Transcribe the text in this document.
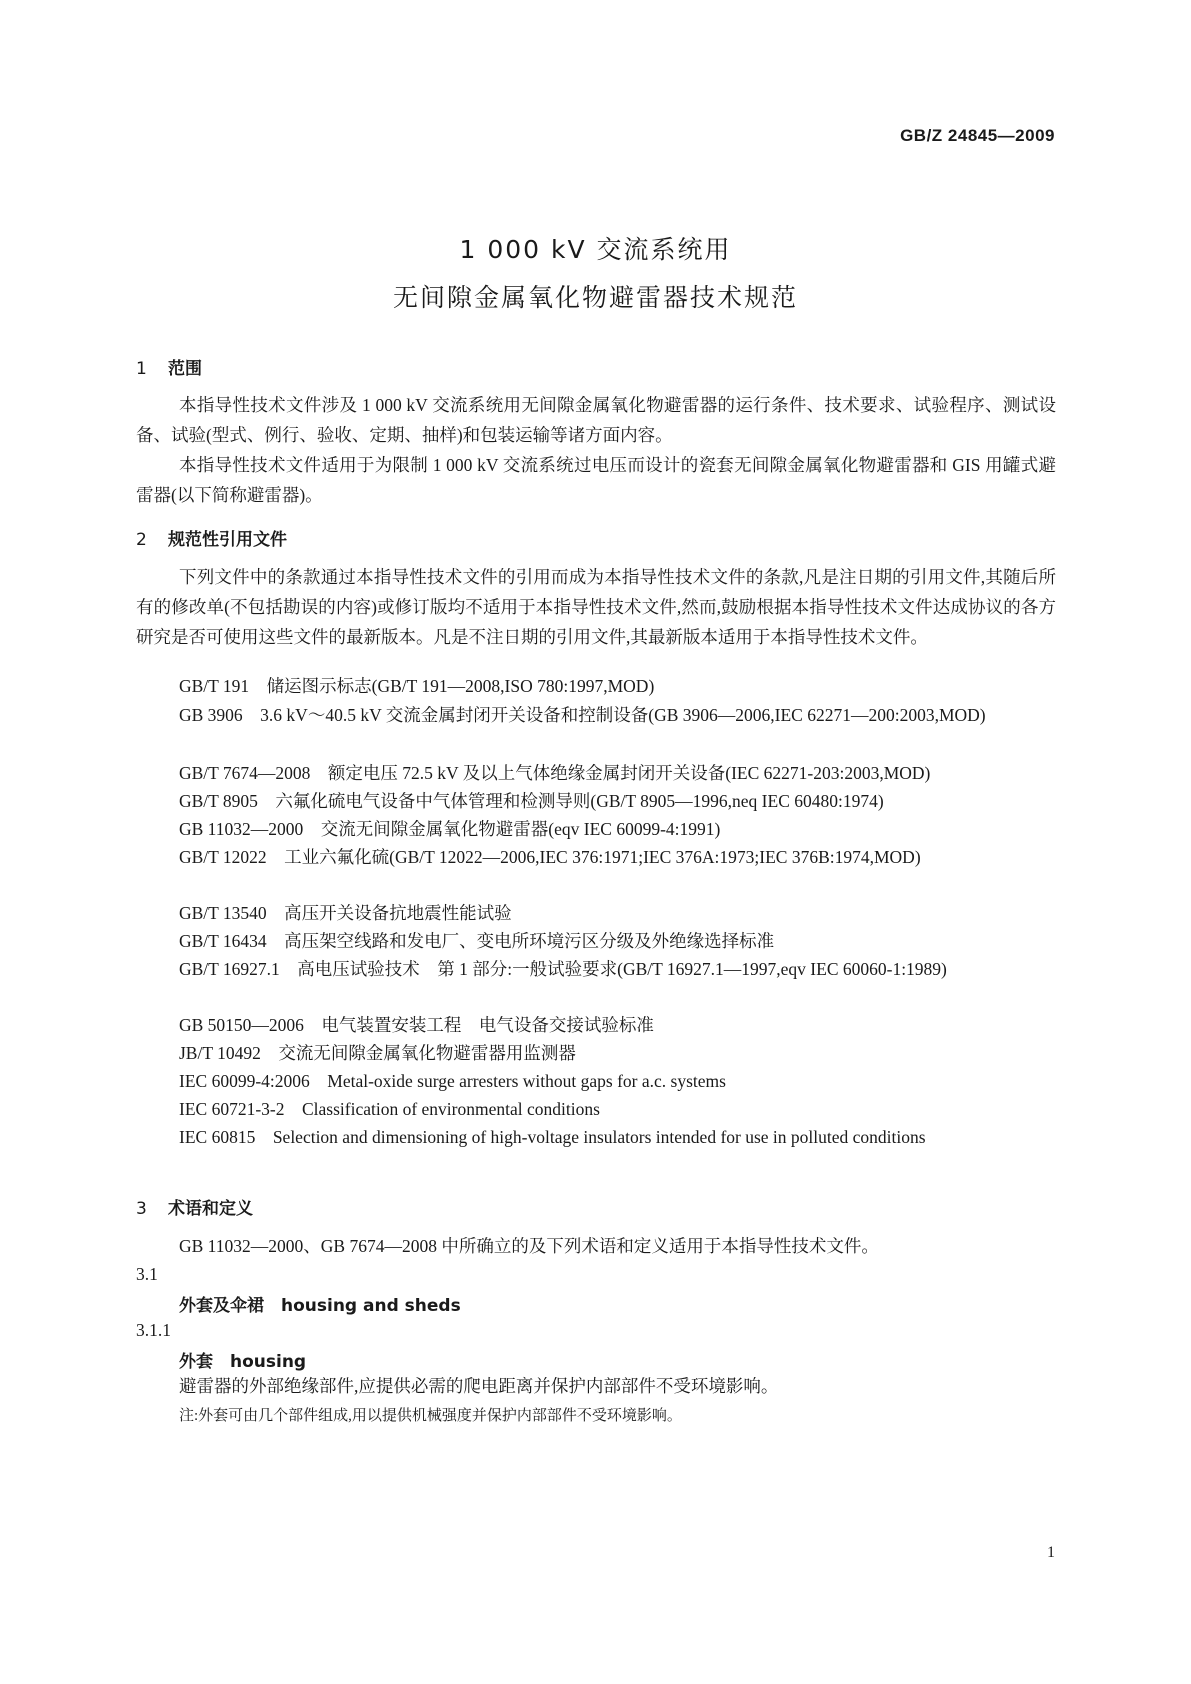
GB/Z 24845—2009
1 000 kV 交流系统用
无间隙金属氧化物避雷器技术规范
1 范围
本指导性技术文件涉及 1 000 kV 交流系统用无间隙金属氧化物避雷器的运行条件、技术要求、试验程序、测试设备、试验(型式、例行、验收、定期、抽样)和包装运输等诸方面内容。
本指导性技术文件适用于为限制 1 000 kV 交流系统过电压而设计的瓷套无间隙金属氧化物避雷器和 GIS 用罐式避雷器(以下简称避雷器)。
2 规范性引用文件
下列文件中的条款通过本指导性技术文件的引用而成为本指导性技术文件的条款,凡是注日期的引用文件,其随后所有的修改单(不包括勘误的内容)或修订版均不适用于本指导性技术文件,然而,鼓励根据本指导性技术文件达成协议的各方研究是否可使用这些文件的最新版本。凡是不注日期的引用文件,其最新版本适用于本指导性技术文件。
GB/T 191　储运图示标志(GB/T 191—2008,ISO 780:1997,MOD)
GB 3906　3.6 kV～40.5 kV 交流金属封闭开关设备和控制设备(GB 3906—2006,IEC 62271—200:2003,MOD)
GB/T 7674—2008　额定电压 72.5 kV 及以上气体绝缘金属封闭开关设备(IEC 62271-203:2003,MOD)
GB/T 8905　六氟化硫电气设备中气体管理和检测导则(GB/T 8905—1996,neq IEC 60480:1974)
GB 11032—2000　交流无间隙金属氧化物避雷器(eqv IEC 60099-4:1991)
GB/T 12022　工业六氟化硫(GB/T 12022—2006,IEC 376:1971;IEC 376A:1973;IEC 376B:1974,MOD)
GB/T 13540　高压开关设备抗地震性能试验
GB/T 16434　高压架空线路和发电厂、变电所环境污区分级及外绝缘选择标准
GB/T 16927.1　高电压试验技术　第 1 部分:一般试验要求(GB/T 16927.1—1997,eqv IEC 60060-1:1989)
GB 50150—2006　电气装置安装工程　电气设备交接试验标准
JB/T 10492　交流无间隙金属氧化物避雷器用监测器
IEC 60099-4:2006　Metal-oxide surge arresters without gaps for a.c. systems
IEC 60721-3-2　Classification of environmental conditions
IEC 60815　Selection and dimensioning of high-voltage insulators intended for use in polluted conditions
3 术语和定义
GB 11032—2000、GB 7674—2008 中所确立的及下列术语和定义适用于本指导性技术文件。
3.1
外套及伞裙　housing and sheds
3.1.1
外套　housing
避雷器的外部绝缘部件,应提供必需的爬电距离并保护内部部件不受环境影响。
注:外套可由几个部件组成,用以提供机械强度并保护内部部件不受环境影响。
1
